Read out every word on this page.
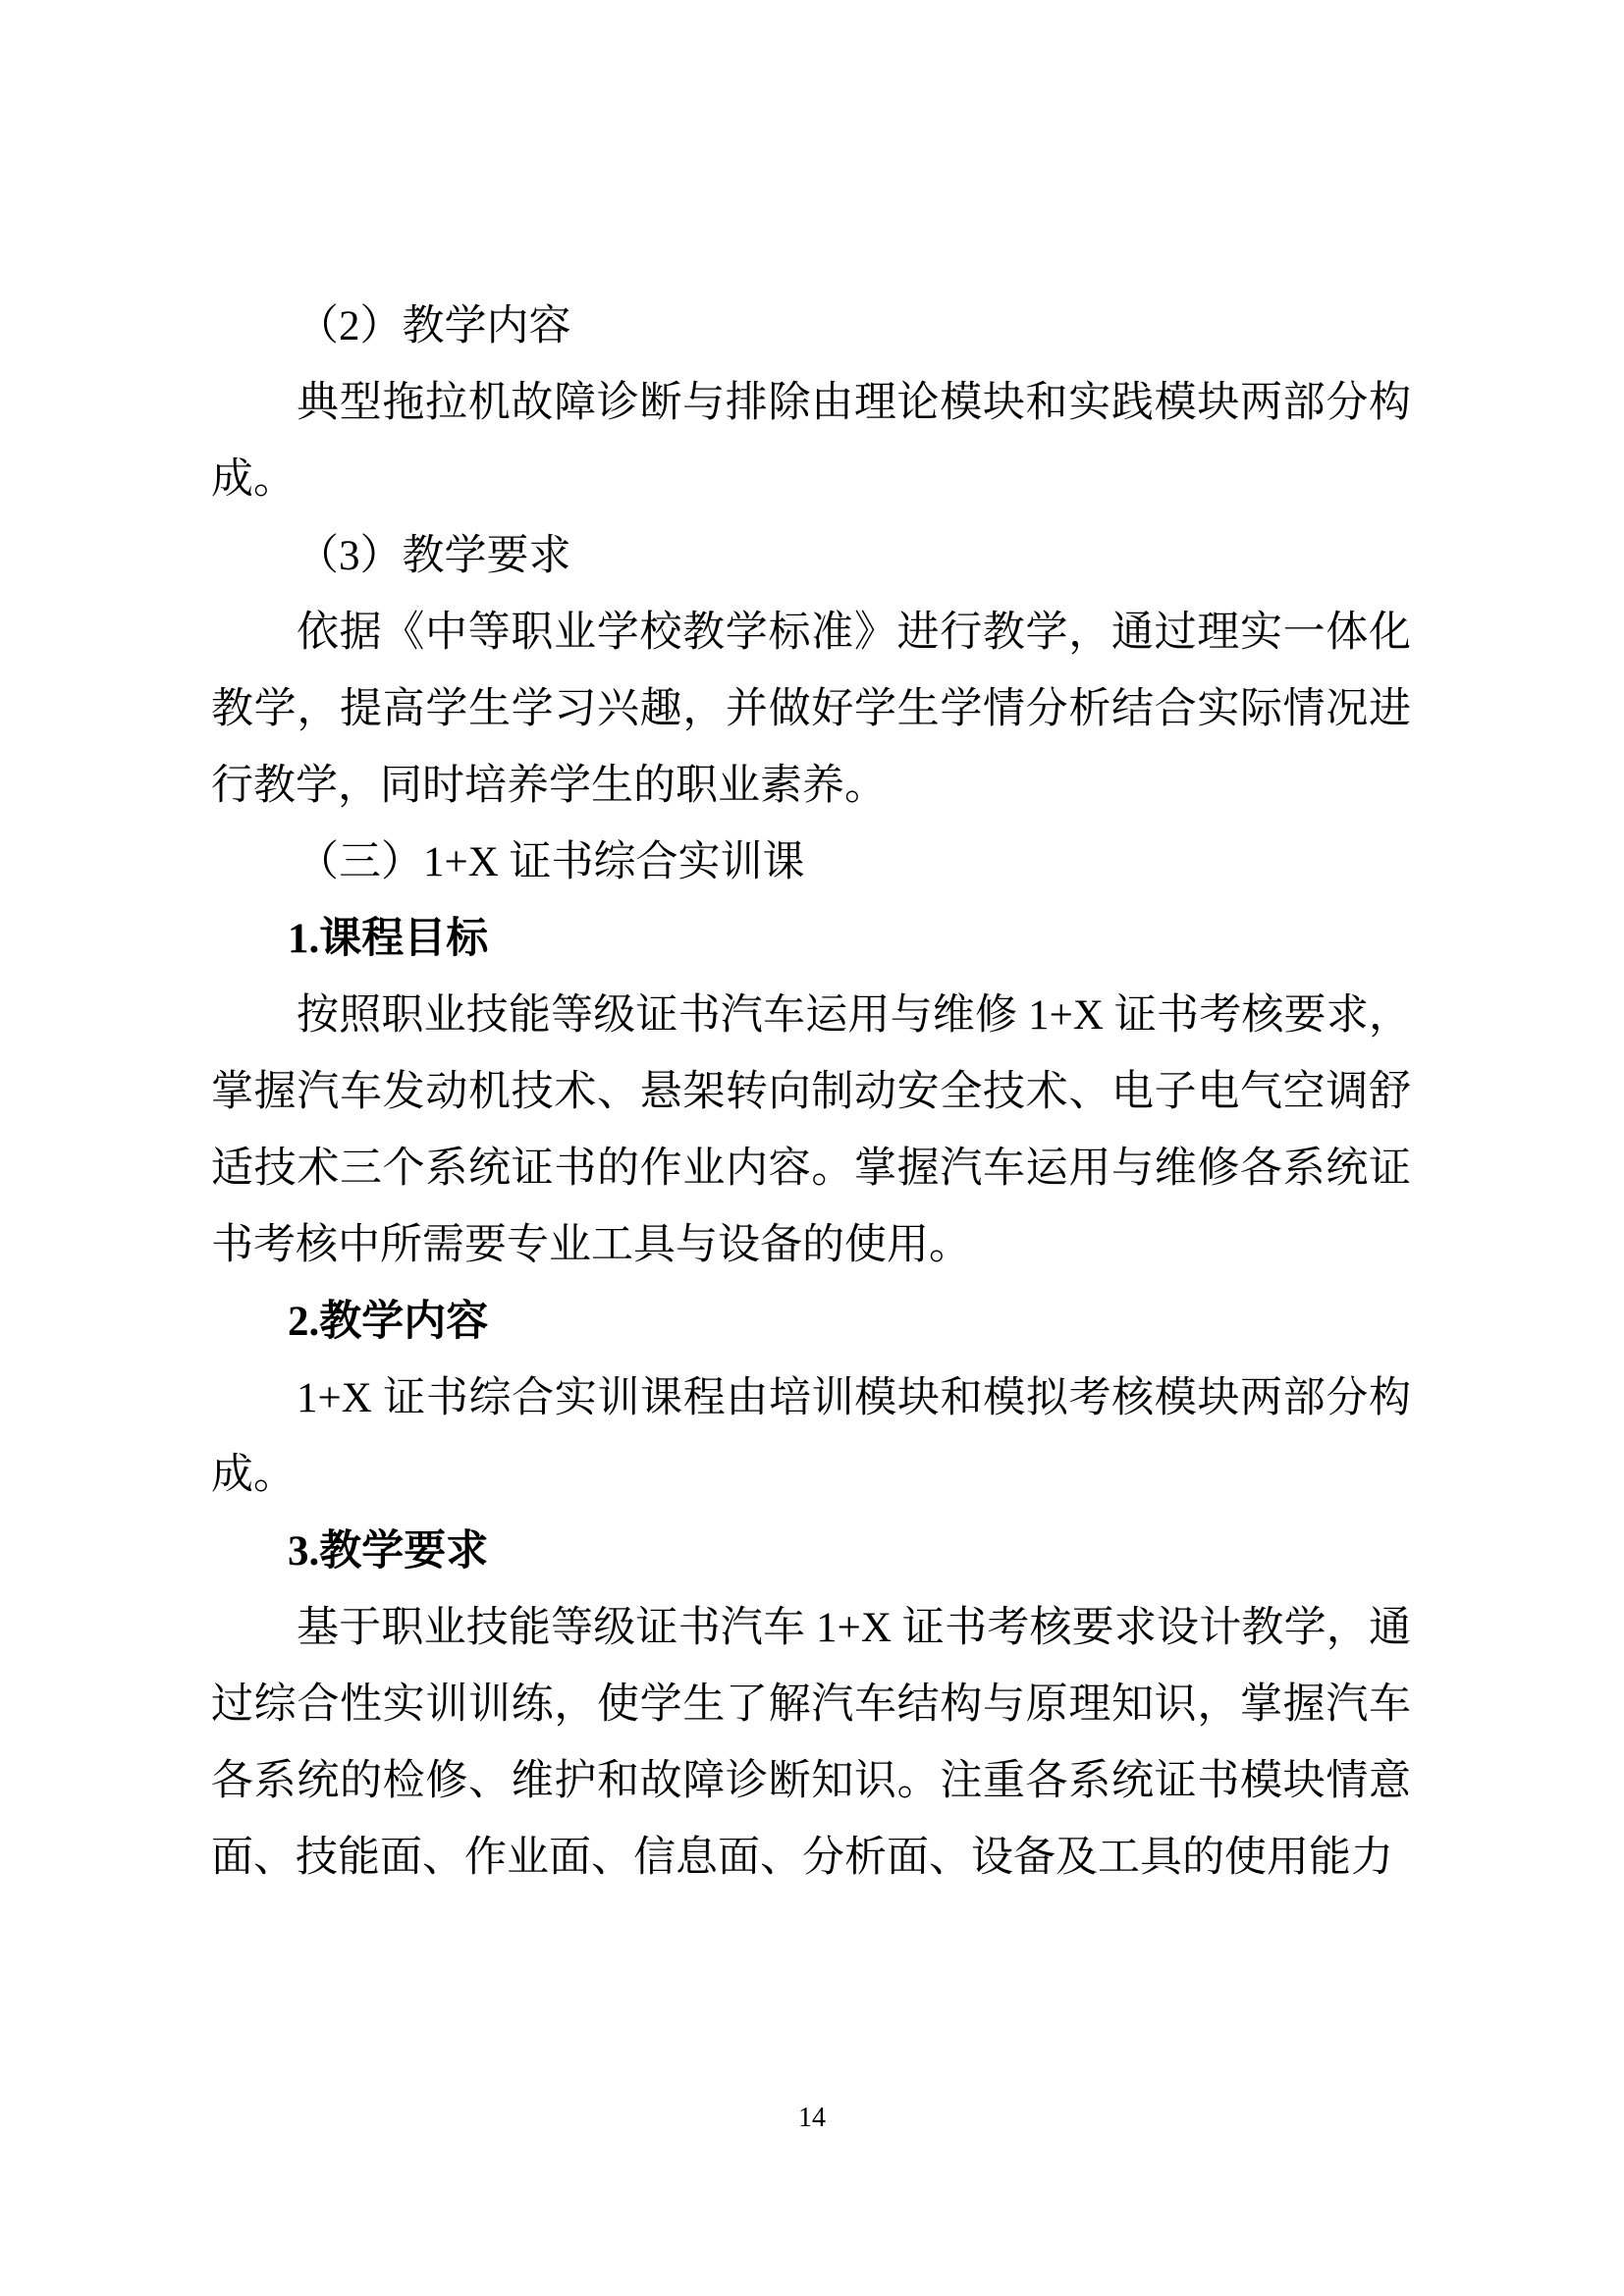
（2）教学内容

典型拖拉机故障诊断与排除由理论模块和实践模块两部分构成。

（3）教学要求

依据《中等职业学校教学标准》进行教学，通过理实一体化教学，提高学生学习兴趣，并做好学生学情分析结合实际情况进行教学，同时培养学生的职业素养。

（三）1+X 证书综合实训课

1.课程目标

按照职业技能等级证书汽车运用与维修 1+X 证书考核要求，掌握汽车发动机技术、悬架转向制动安全技术、电子电气空调舒适技术三个系统证书的作业内容。掌握汽车运用与维修各系统证书考核中所需要专业工具与设备的使用。

2.教学内容

1+X 证书综合实训课程由培训模块和模拟考核模块两部分构成。

3.教学要求

基于职业技能等级证书汽车 1+X 证书考核要求设计教学，通过综合性实训训练，使学生了解汽车结构与原理知识，掌握汽车各系统的检修、维护和故障诊断知识。注重各系统证书模块情意面、技能面、作业面、信息面、分析面、设备及工具的使用能力

14
